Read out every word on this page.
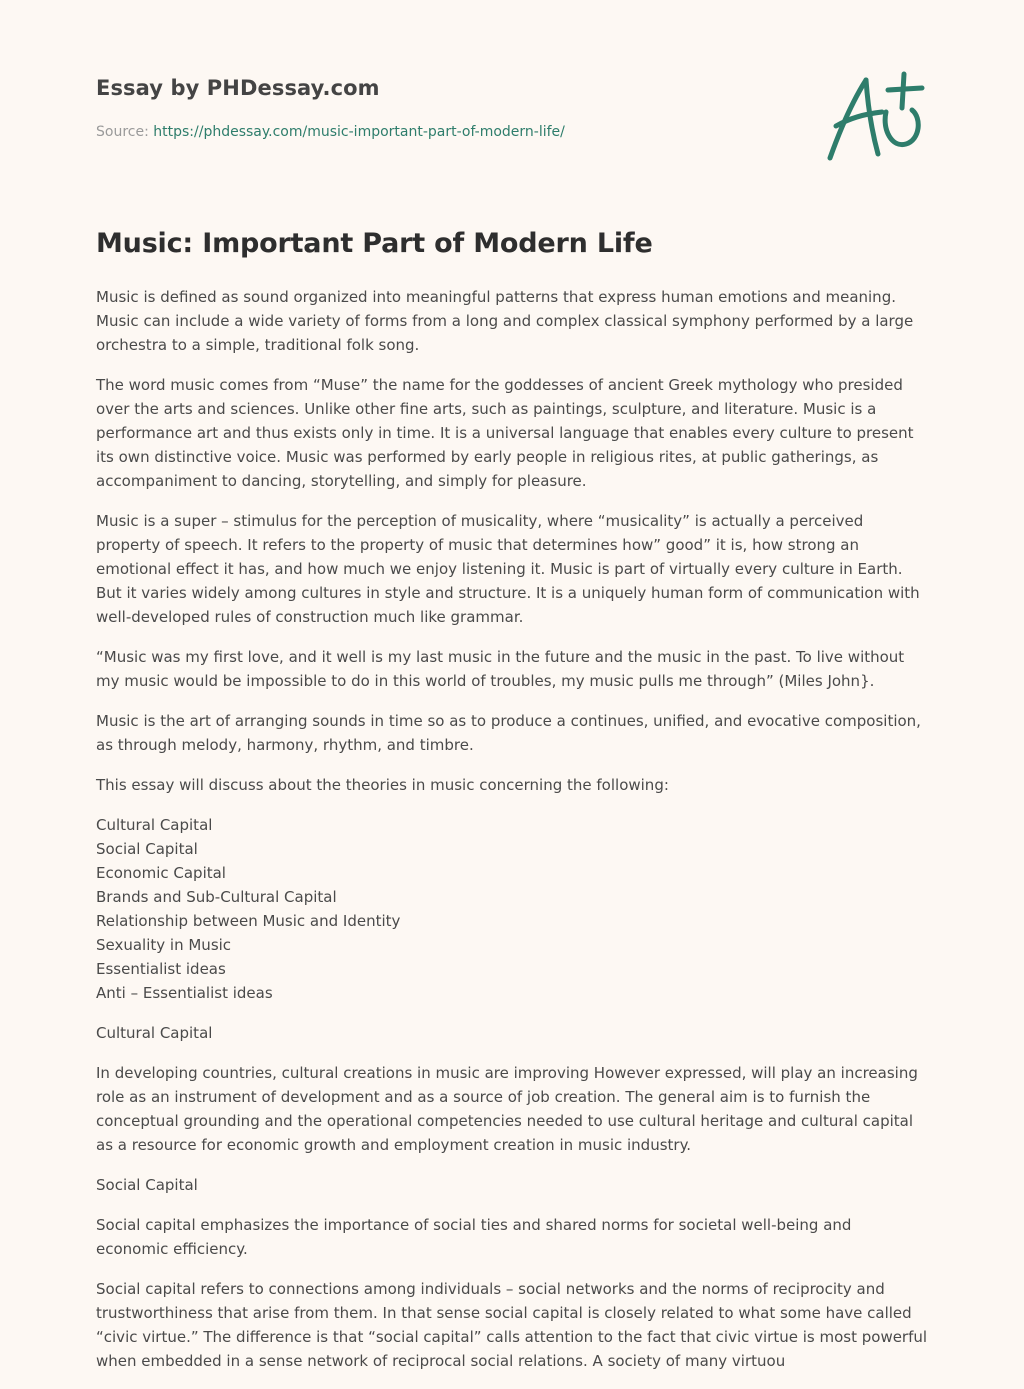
Essay by PHDessay.com
Source: https://phdessay.com/music-important-part-of-modern-life/
Music: Important Part of Modern Life

Music is defined as sound organized into meaningful patterns that express human emotions and meaning. Music can include a wide variety of forms from a long and complex classical symphony performed by a large orchestra to a simple, traditional folk song.

The word music comes from “Muse” the name for the goddesses of ancient Greek mythology who presided over the arts and sciences. Unlike other fine arts, such as paintings, sculpture, and literature. Music is a performance art and thus exists only in time. It is a universal language that enables every culture to present its own distinctive voice. Music was performed by early people in religious rites, at public gatherings, as accompaniment to dancing, storytelling, and simply for pleasure.

Music is a super – stimulus for the perception of musicality, where “musicality” is actually a perceived property of speech. It refers to the property of music that determines how” good” it is, how strong an emotional effect it has, and how much we enjoy listening it. Music is part of virtually every culture in Earth. But it varies widely among cultures in style and structure. It is a uniquely human form of communication with well-developed rules of construction much like grammar.

“Music was my first love, and it well is my last music in the future and the music in the past. To live without my music would be impossible to do in this world of troubles, my music pulls me through” (Miles John}.

Music is the art of arranging sounds in time so as to produce a continues, unified, and evocative composition, as through melody, harmony, rhythm, and timbre.

This essay will discuss about the theories in music concerning the following:

Cultural Capital
Social Capital
Economic Capital
Brands and Sub-Cultural Capital
Relationship between Music and Identity
Sexuality in Music
Essentialist ideas
Anti – Essentialist ideas

Cultural Capital

In developing countries, cultural creations in music are improving However expressed, will play an increasing role as an instrument of development and as a source of job creation. The general aim is to furnish the conceptual grounding and the operational competencies needed to use cultural heritage and cultural capital as a resource for economic growth and employment creation in music industry.

Social Capital

Social capital emphasizes the importance of social ties and shared norms for societal well-being and economic efficiency.

Social capital refers to connections among individuals – social networks and the norms of reciprocity and trustworthiness that arise from them. In that sense social capital is closely related to what some have called “civic virtue.” The difference is that “social capital” calls attention to the fact that civic virtue is most powerful when embedded in a sense network of reciprocal social relations. A society of many virtuou
